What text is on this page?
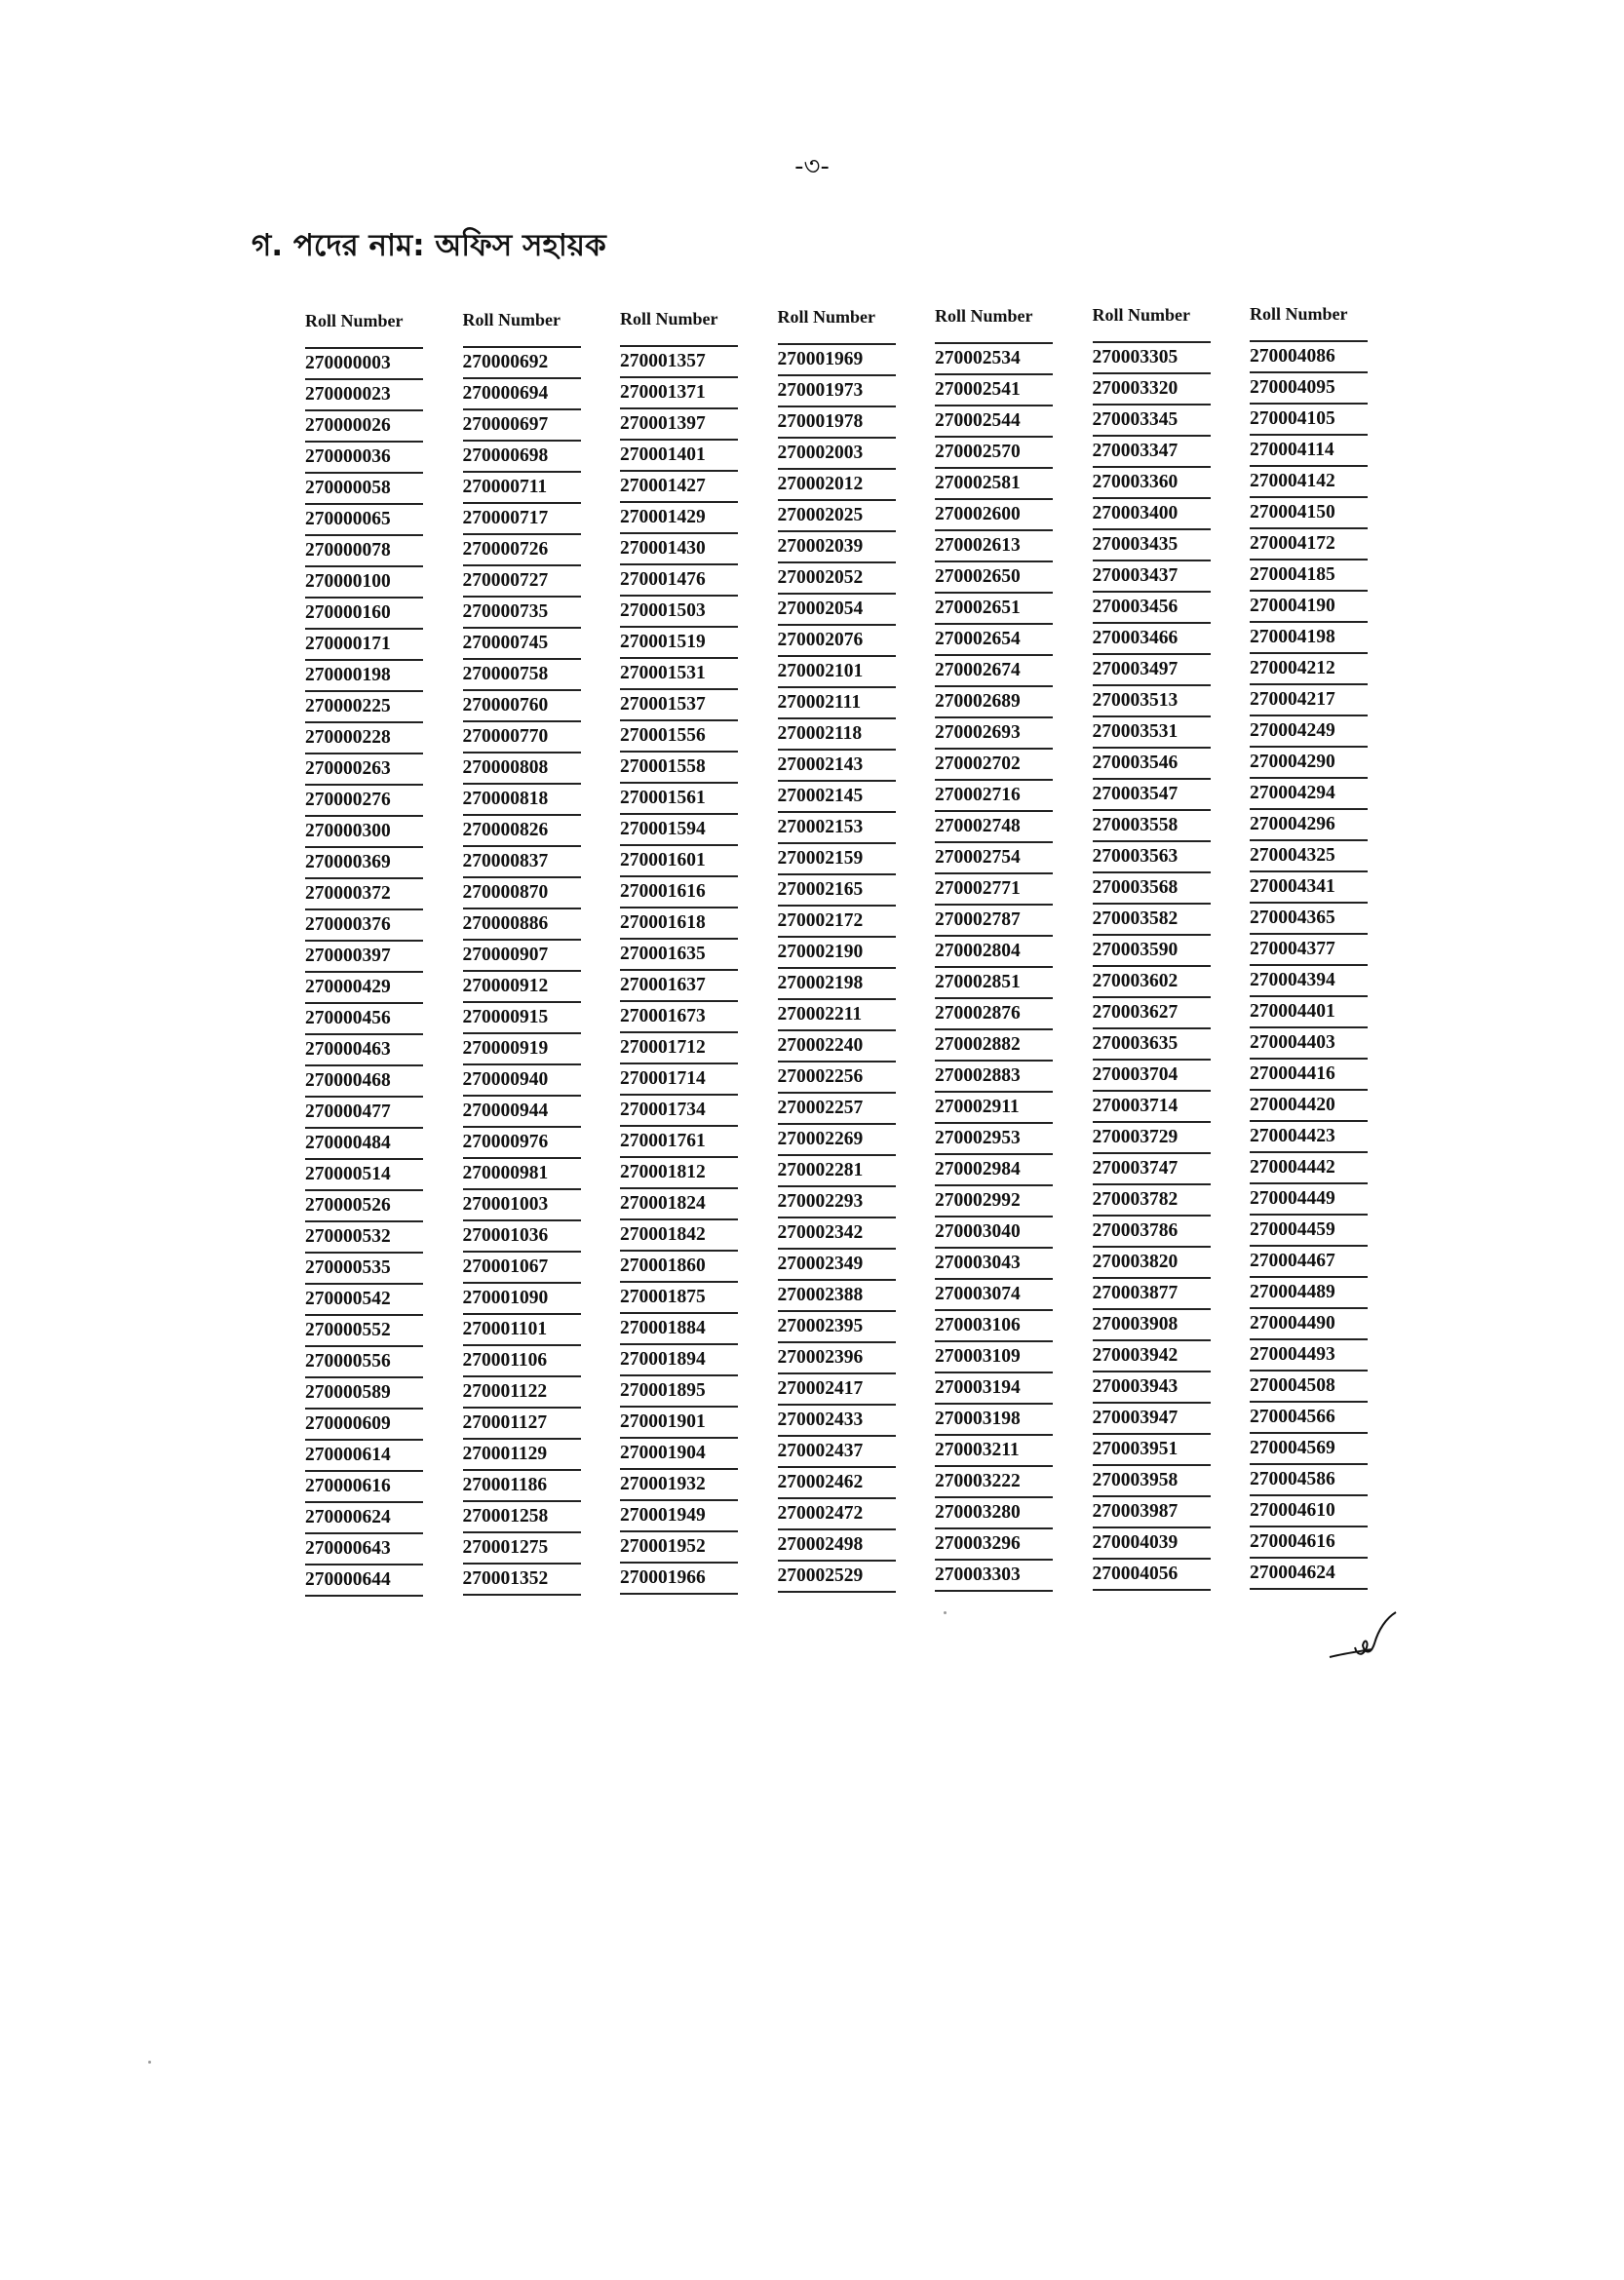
-৩-
গ. পদের নাম: অফিস সহায়ক
Roll Number
270000003
270000023
270000026
270000036
270000058
270000065
270000078
270000100
270000160
270000171
270000198
270000225
270000228
270000263
270000276
270000300
270000369
270000372
270000376
270000397
270000429
270000456
270000463
270000468
270000477
270000484
270000514
270000526
270000532
270000535
270000542
270000552
270000556
270000589
270000609
270000614
270000616
270000624
270000643
270000644
Roll Number
270000692
270000694
270000697
270000698
270000711
270000717
270000726
270000727
270000735
270000745
270000758
270000760
270000770
270000808
270000818
270000826
270000837
270000870
270000886
270000907
270000912
270000915
270000919
270000940
270000944
270000976
270000981
270001003
270001036
270001067
270001090
270001101
270001106
270001122
270001127
270001129
270001186
270001258
270001275
270001352
Roll Number
270001357
270001371
270001397
270001401
270001427
270001429
270001430
270001476
270001503
270001519
270001531
270001537
270001556
270001558
270001561
270001594
270001601
270001616
270001618
270001635
270001637
270001673
270001712
270001714
270001734
270001761
270001812
270001824
270001842
270001860
270001875
270001884
270001894
270001895
270001901
270001904
270001932
270001949
270001952
270001966
Roll Number
270001969
270001973
270001978
270002003
270002012
270002025
270002039
270002052
270002054
270002076
270002101
270002111
270002118
270002143
270002145
270002153
270002159
270002165
270002172
270002190
270002198
270002211
270002240
270002256
270002257
270002269
270002281
270002293
270002342
270002349
270002388
270002395
270002396
270002417
270002433
270002437
270002462
270002472
270002498
270002529
Roll Number
270002534
270002541
270002544
270002570
270002581
270002600
270002613
270002650
270002651
270002654
270002674
270002689
270002693
270002702
270002716
270002748
270002754
270002771
270002787
270002804
270002851
270002876
270002882
270002883
270002911
270002953
270002984
270002992
270003040
270003043
270003074
270003106
270003109
270003194
270003198
270003211
270003222
270003280
270003296
270003303
Roll Number
270003305
270003320
270003345
270003347
270003360
270003400
270003435
270003437
270003456
270003466
270003497
270003513
270003531
270003546
270003547
270003558
270003563
270003568
270003582
270003590
270003602
270003627
270003635
270003704
270003714
270003729
270003747
270003782
270003786
270003820
270003877
270003908
270003942
270003943
270003947
270003951
270003958
270003987
270004039
270004056
Roll Number
270004086
270004095
270004105
270004114
270004142
270004150
270004172
270004185
270004190
270004198
270004212
270004217
270004249
270004290
270004294
270004296
270004325
270004341
270004365
270004377
270004394
270004401
270004403
270004416
270004420
270004423
270004442
270004449
270004459
270004467
270004489
270004490
270004493
270004508
270004566
270004569
270004586
270004610
270004616
270004624
